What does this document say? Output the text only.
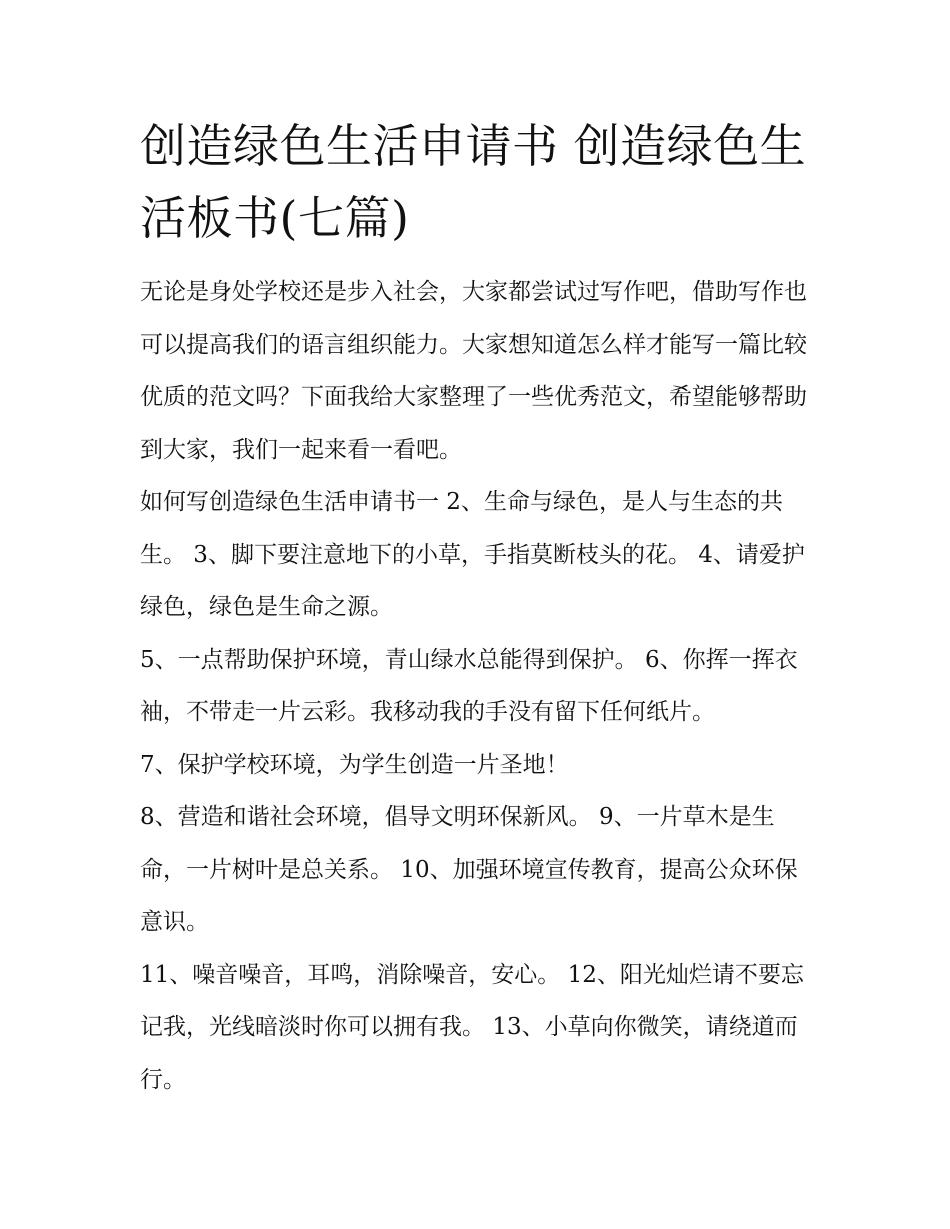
创造绿色生活申请书 创造绿色生活板书(七篇)

无论是身处学校还是步入社会，大家都尝试过写作吧，借助写作也可以提高我们的语言组织能力。大家想知道怎么样才能写一篇比较优质的范文吗？下面我给大家整理了一些优秀范文，希望能够帮助到大家，我们一起来看一看吧。

如何写创造绿色生活申请书一 2、生命与绿色，是人与生态的共生。 3、脚下要注意地下的小草，手指莫断枝头的花。 4、请爱护绿色，绿色是生命之源。

5、一点帮助保护环境，青山绿水总能得到保护。 6、你挥一挥衣袖，不带走一片云彩。我移动我的手没有留下任何纸片。

7、保护学校环境，为学生创造一片圣地！

8、营造和谐社会环境，倡导文明环保新风。 9、一片草木是生命，一片树叶是总关系。 10、加强环境宣传教育，提高公众环保意识。

11、噪音噪音，耳鸣，消除噪音，安心。 12、阳光灿烂请不要忘记我，光线暗淡时你可以拥有我。 13、小草向你微笑，请绕道而行。
